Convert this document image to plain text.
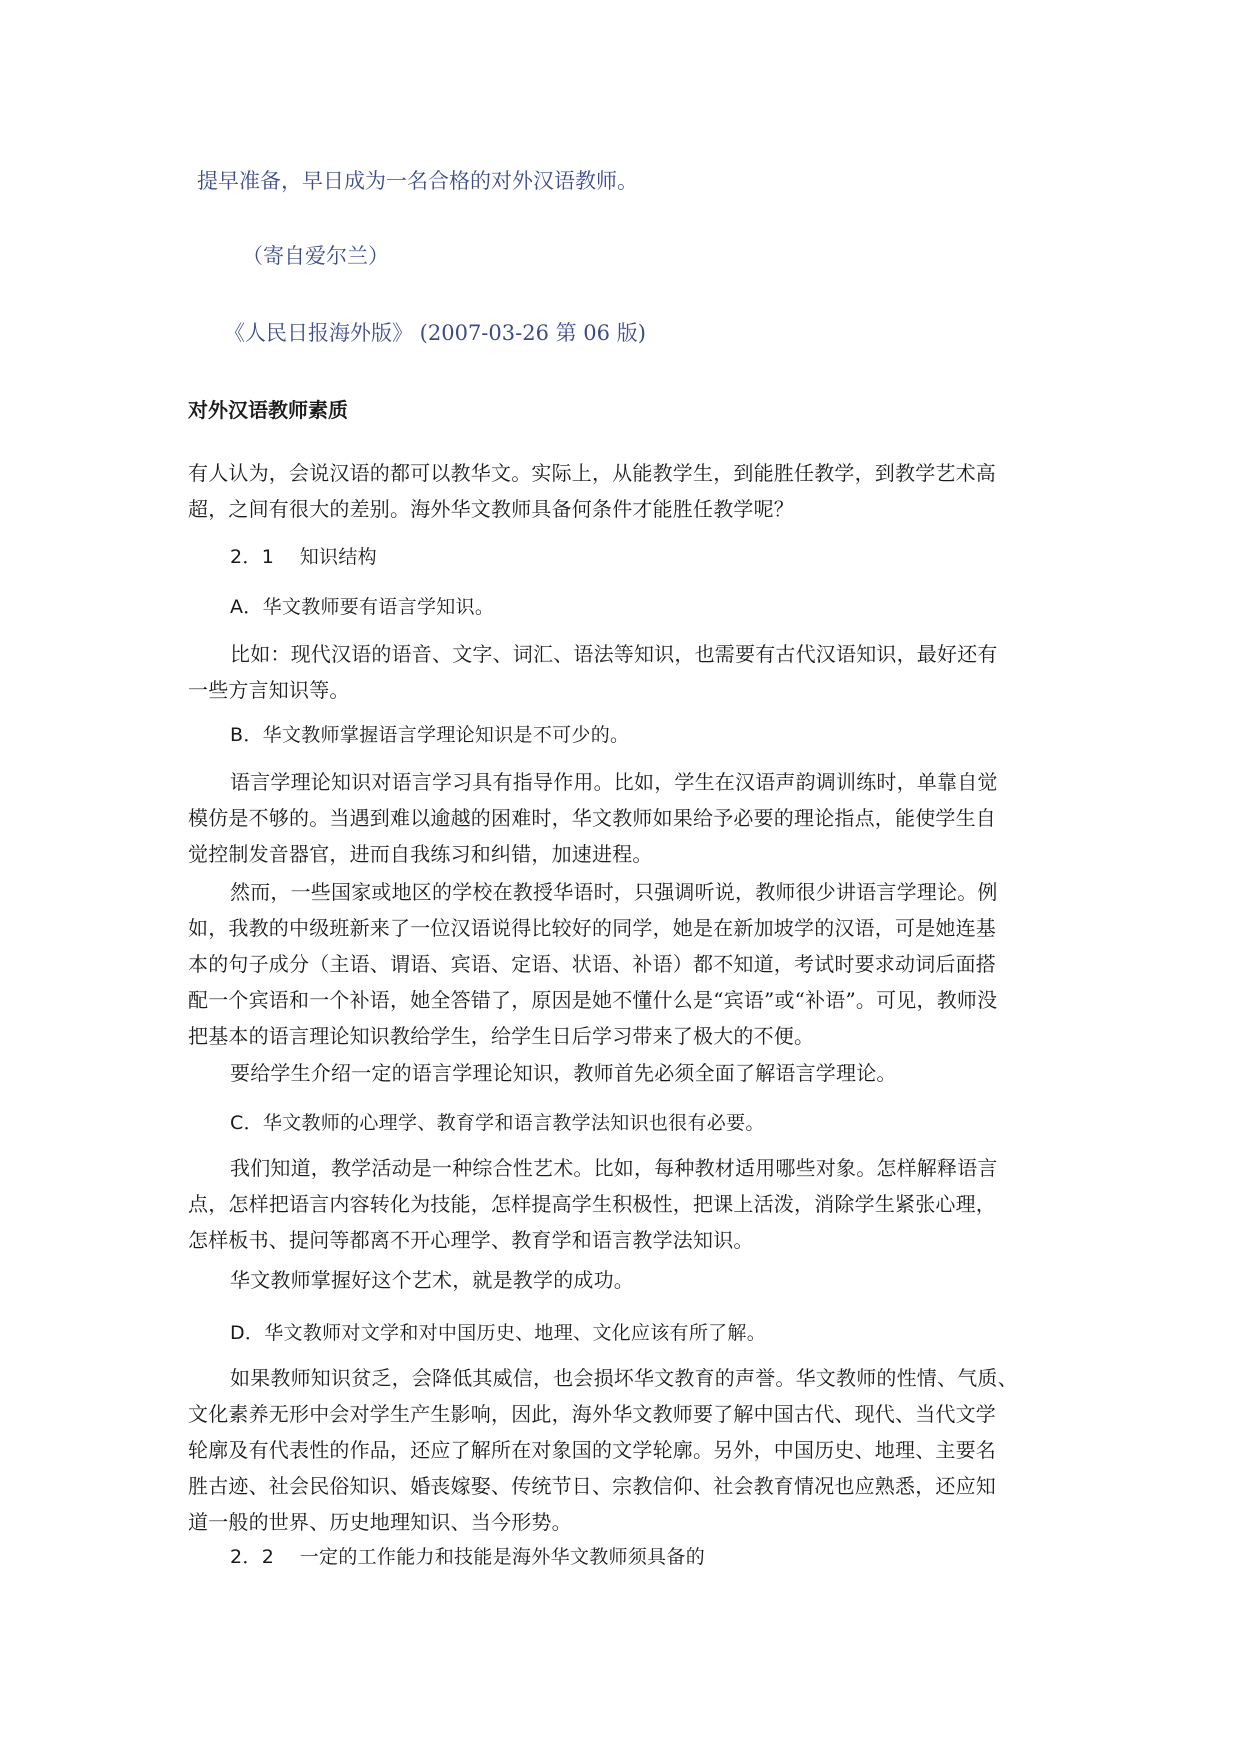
提早准备，早日成为一名合格的对外汉语教师。

（寄自爱尔兰）

《人民日报海外版》 (2007-03-26 第 06 版)

对外汉语教师素质

有人认为，会说汉语的都可以教华文。实际上，从能教学生，到能胜任教学，到教学艺术高
超，之间有很大的差别。海外华文教师具备何条件才能胜任教学呢？

2．1　 知识结构

A．华文教师要有语言学知识。

比如：现代汉语的语音、文字、词汇、语法等知识，也需要有古代汉语知识，最好还有
一些方言知识等。

B．华文教师掌握语言学理论知识是不可少的。

语言学理论知识对语言学习具有指导作用。比如，学生在汉语声韵调训练时，单靠自觉
模仿是不够的。当遇到难以逾越的困难时，华文教师如果给予必要的理论指点，能使学生自
觉控制发音器官，进而自我练习和纠错，加速进程。

然而，一些国家或地区的学校在教授华语时，只强调听说，教师很少讲语言学理论。例
如，我教的中级班新来了一位汉语说得比较好的同学，她是在新加坡学的汉语，可是她连基
本的句子成分（主语、谓语、宾语、定语、状语、补语）都不知道，考试时要求动词后面搭
配一个宾语和一个补语，她全答错了，原因是她不懂什么是“宾语”或“补语”。可见，教师没
把基本的语言理论知识教给学生，给学生日后学习带来了极大的不便。

要给学生介绍一定的语言学理论知识，教师首先必须全面了解语言学理论。

C．华文教师的心理学、教育学和语言教学法知识也很有必要。

我们知道，教学活动是一种综合性艺术。比如，每种教材适用哪些对象。怎样解释语言
点，怎样把语言内容转化为技能，怎样提高学生积极性，把课上活泼，消除学生紧张心理，
怎样板书、提问等都离不开心理学、教育学和语言教学法知识。

华文教师掌握好这个艺术，就是教学的成功。

D．华文教师对文学和对中国历史、地理、文化应该有所了解。

如果教师知识贫乏，会降低其威信，也会损坏华文教育的声誉。华文教师的性情、气质、
文化素养无形中会对学生产生影响，因此，海外华文教师要了解中国古代、现代、当代文学
轮廓及有代表性的作品，还应了解所在对象国的文学轮廓。另外，中国历史、地理、主要名
胜古迹、社会民俗知识、婚丧嫁娶、传统节日、宗教信仰、社会教育情况也应熟悉，还应知
道一般的世界、历史地理知识、当今形势。

2．2　 一定的工作能力和技能是海外华文教师须具备的
